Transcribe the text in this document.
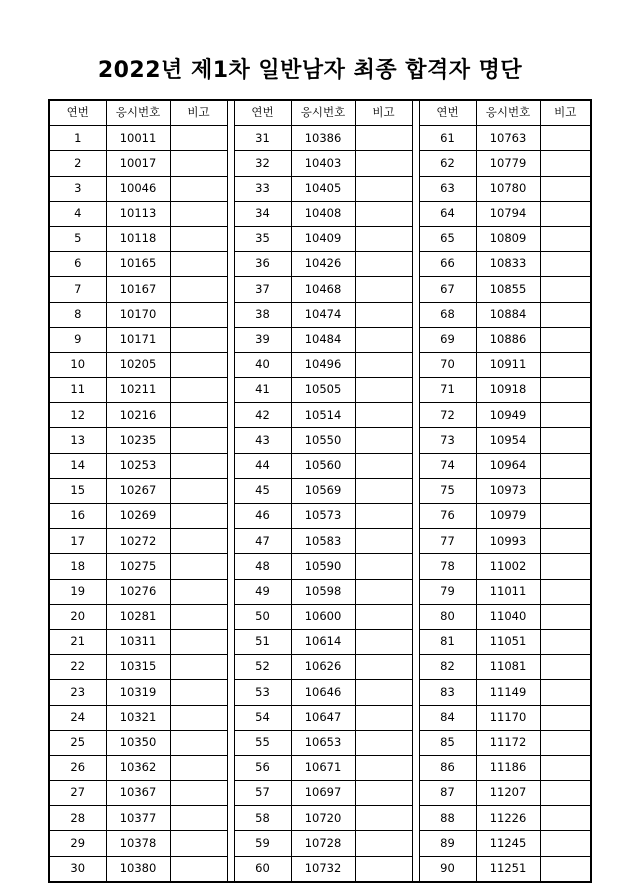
2022년 제1차 일반남자 최종 합격자 명단
연번	응시번호	비고		연번	응시번호	비고		연번	응시번호	비고
1	10011			31	10386			61	10763	
2	10017			32	10403			62	10779	
3	10046			33	10405			63	10780	
4	10113			34	10408			64	10794	
5	10118			35	10409			65	10809	
6	10165			36	10426			66	10833	
7	10167			37	10468			67	10855	
8	10170			38	10474			68	10884	
9	10171			39	10484			69	10886	
10	10205			40	10496			70	10911	
11	10211			41	10505			71	10918	
12	10216			42	10514			72	10949	
13	10235			43	10550			73	10954	
14	10253			44	10560			74	10964	
15	10267			45	10569			75	10973	
16	10269			46	10573			76	10979	
17	10272			47	10583			77	10993	
18	10275			48	10590			78	11002	
19	10276			49	10598			79	11011	
20	10281			50	10600			80	11040	
21	10311			51	10614			81	11051	
22	10315			52	10626			82	11081	
23	10319			53	10646			83	11149	
24	10321			54	10647			84	11170	
25	10350			55	10653			85	11172	
26	10362			56	10671			86	11186	
27	10367			57	10697			87	11207	
28	10377			58	10720			88	11226	
29	10378			59	10728			89	11245	
30	10380			60	10732			90	11251	
